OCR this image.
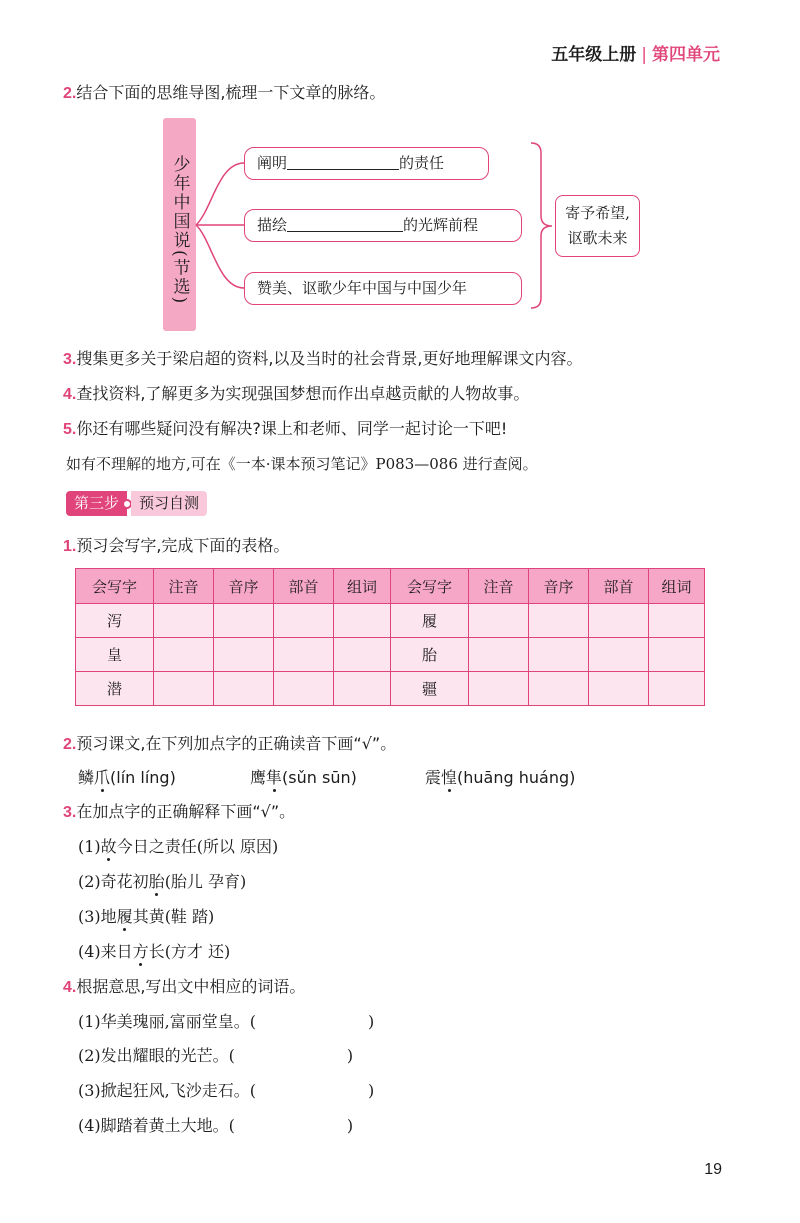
五年级上册 | 第四单元
2.结合下面的思维导图,梳理一下文章的脉络。
少年中国说(节选)	阐明	的责任
描绘	的光辉前程
赞美、讴歌少年中国与中国少年
寄予希望,
讴歌未来
3.搜集更多关于梁启超的资料,以及当时的社会背景,更好地理解课文内容。
4.查找资料,了解更多为实现强国梦想而作出卓越贡献的人物故事。
5.你还有哪些疑问没有解决?课上和老师、同学一起讨论一下吧!
如有不理解的地方,可在《一本·课本预习笔记》P083—086 进行查阅。
第三步	预习自测
1.预习会写字,完成下面的表格。
会写字	注音	音序	部首	组词	会写字	注音	音序	部首	组词
泻					履				
皇					胎				
潜					疆				
2.预习课文,在下列加点字的正确读音下画“√”。
鳞爪(lín líng)	鹰隼(sǔn sūn)	震惶(huāng huáng)
3.在加点字的正确解释下画“√”。
(1)故今日之责任(所以 原因)
(2)奇花初胎(胎儿 孕育)
(3)地履其黄(鞋 踏)
(4)来日方长(方才 还)
4.根据意思,写出文中相应的词语。
(1)华美瑰丽,富丽堂皇。(	)
(2)发出耀眼的光芒。(	)
(3)掀起狂风,飞沙走石。(	)
(4)脚踏着黄土大地。(	)
19
